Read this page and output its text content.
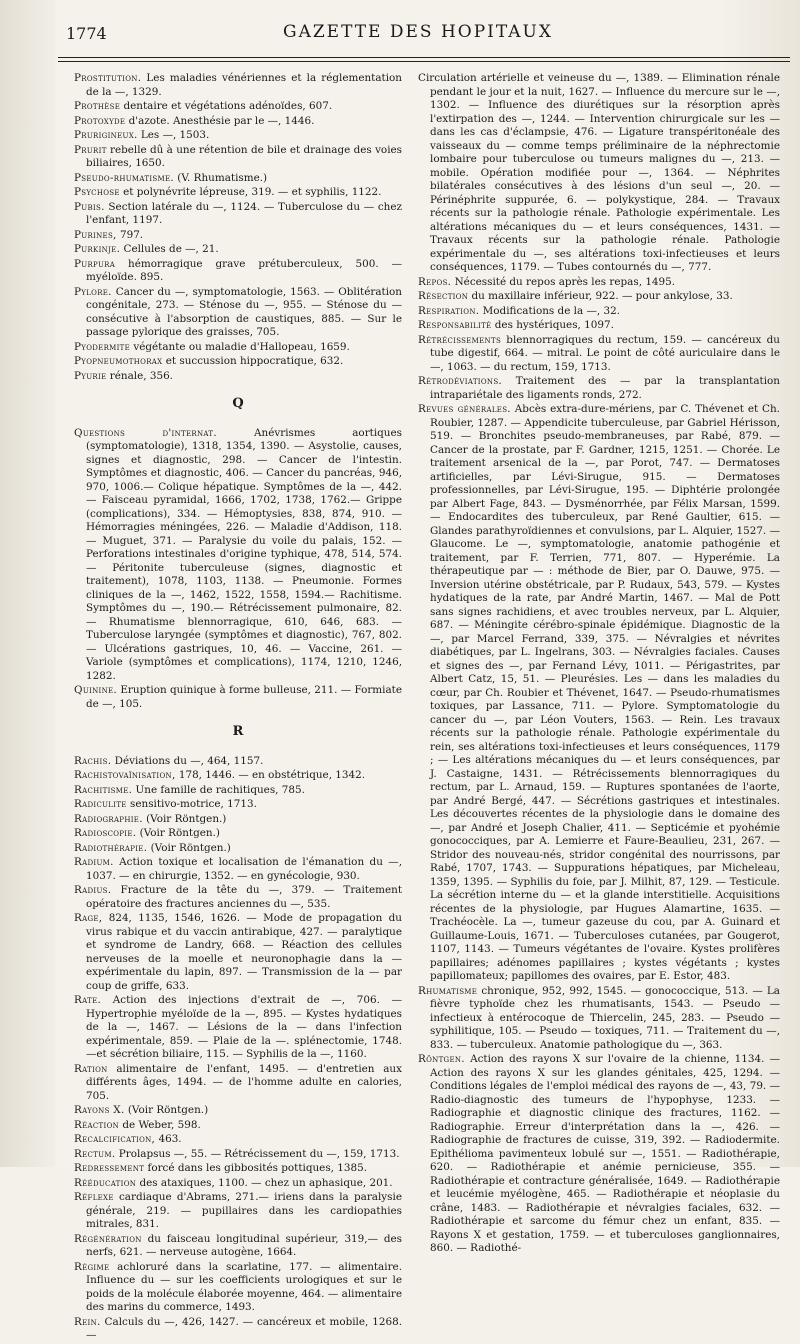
1774	GAZETTE DES HOPITAUX

Prostitution. Les maladies vénériennes et la réglementation de la —, 1329.

Prothèse dentaire et végétations adénoïdes, 607.

Protoxyde d'azote. Anesthésie par le —, 1446.

Prurigineux. Les —, 1503.

Prurit rebelle dû à une rétention de bile et drainage des voies biliaires, 1650.

Pseudo-rhumatisme. (V. Rhumatisme.)

Psychose et polynévrite lépreuse, 319. — et syphilis, 1122.

Pubis. Section latérale du —, 1124. — Tuberculose du — chez l'enfant, 1197.

Purines, 797.

Purkinje. Cellules de —, 21.

Purpura hémorragique grave prétuberculeux, 500. — myéloïde. 895.

Pylore. Cancer du —, symptomatologie, 1563. — Oblitération congénitale, 273. — Sténose du —, 955. — Sténose du — consécutive à l'absorption de caustiques, 885. — Sur le passage pylorique des graisses, 705.

Pyodermite végétante ou maladie d'Hallopeau, 1659.

Pyopneumothorax et succussion hippocratique, 632.

Pyurie rénale, 356.

Q

Questions d'internat. Anévrismes aortiques (symptomatologie), 1318, 1354, 1390. — Asystolie, causes, signes et diagnostic, 298. — Cancer de l'intestin. Symptômes et diagnostic, 406. — Cancer du pancréas, 946, 970, 1006.— Colique hépatique. Symptômes de la —, 442.— Faisceau pyramidal, 1666, 1702, 1738, 1762.— Grippe (complications), 334. — Hémoptysies, 838, 874, 910. — Hémorragies méningées, 226. — Maladie d'Addison, 118. — Muguet, 371. — Paralysie du voile du palais, 152. — Perforations intestinales d'origine typhique, 478, 514, 574. — Péritonite tuberculeuse (signes, diagnostic et traitement), 1078, 1103, 1138. — Pneumonie. Formes cliniques de la —, 1462, 1522, 1558, 1594.— Rachitisme. Symptômes du —, 190.— Rétrécissement pulmonaire, 82. — Rhumatisme blennorragique, 610, 646, 683. — Tuberculose laryngée (symptômes et diagnostic), 767, 802. — Ulcérations gastriques, 10, 46. — Vaccine, 261. — Variole (symptômes et complications), 1174, 1210, 1246, 1282.

Quinine. Eruption quinique à forme bulleuse, 211. — Formiate de —, 105.

R

Rachis. Déviations du —, 464, 1157.

Rachistovaïnisation, 178, 1446. — en obstétrique, 1342.

Rachitisme. Une famille de rachitiques, 785.

Radiculite sensitivo-motrice, 1713.

Radiographie. (Voir Röntgen.)

Radioscopie. (Voir Röntgen.)

Radiothérapie. (Voir Röntgen.)

Radium. Action toxique et localisation de l'émanation du —, 1037. — en chirurgie, 1352. — en gynécologie, 930.

Radius. Fracture de la tête du —, 379. — Traitement opératoire des fractures anciennes du —, 535.

Rage, 824, 1135, 1546, 1626. — Mode de propagation du virus rabique et du vaccin antirabique, 427. — paralytique et syndrome de Landry, 668. — Réaction des cellules nerveuses de la moelle et neuronophagie dans la — expérimentale du lapin, 897. — Transmission de la — par coup de griffe, 633.

Rate. Action des injections d'extrait de —, 706. — Hypertrophie myéloïde de la —, 895. — Kystes hydatiques de la —, 1467. — Lésions de la — dans l'infection expérimentale, 859. — Plaie de la —. splénectomie, 1748. —et sécrétion biliaire, 115. — Syphilis de la —, 1160.

Ration alimentaire de l'enfant, 1495. — d'entretien aux différents âges, 1494. — de l'homme adulte en calories, 705.

Rayons X. (Voir Röntgen.)

Réaction de Weber, 598.

Recalcification, 463.

Rectum. Prolapsus —, 55. — Rétrécissement du —, 159, 1713.

Redressement forcé dans les gibbosités pottiques, 1385.

Rééducation des ataxiques, 1100. — chez un aphasique, 201.

Réflexe cardiaque d'Abrams, 271.— iriens dans la paralysie générale, 219. — pupillaires dans les cardiopathies mitrales, 831.

Régénération du faisceau longitudinal supérieur, 319,— des nerfs, 621. — nerveuse autogène, 1664.

Régime achloruré dans la scarlatine, 177. — alimentaire. Influence du — sur les coefficients urologiques et sur le poids de la molécule élaborée moyenne, 464. — alimentaire des marins du commerce, 1493.

Rein. Calculs du —, 426, 1427. — cancéreux et mobile, 1268. —

Circulation artérielle et veineuse du —, 1389. — Elimination rénale pendant le jour et la nuit, 1627. — Influence du mercure sur le —, 1302. — Influence des diurétiques sur la résorption après l'extirpation des —, 1244. — Intervention chirurgicale sur les — dans les cas d'éclampsie, 476. — Ligature transpéritonéale des vaisseaux du — comme temps préliminaire de la néphrectomie lombaire pour tuberculose ou tumeurs malignes du —, 213. — mobile. Opération modifiée pour —, 1364. — Néphrites bilatérales consécutives à des lésions d'un seul —, 20. — Périnéphrite suppurée, 6. — polykystique, 284. — Travaux récents sur la pathologie rénale. Pathologie expérimentale. Les altérations mécaniques du — et leurs conséquences, 1431. — Travaux récents sur la pathologie rénale. Pathologie expérimentale du —, ses altérations toxi-infectieuses et leurs conséquences, 1179. — Tubes contournés du —, 777.

Repos. Nécessité du repos après les repas, 1495.

Résection du maxillaire inférieur, 922. — pour ankylose, 33.

Respiration. Modifications de la —, 32.

Responsabilité des hystériques, 1097.

Rétrécissements blennorragiques du rectum, 159. — cancéreux du tube digestif, 664. — mitral. Le point de côté auriculaire dans le —, 1063. — du rectum, 159, 1713.

Rétrodéviations. Traitement des — par la transplantation intrapariétale des ligaments ronds, 272.

Revues générales. Abcès extra-dure-mériens, par C. Thévenet et Ch. Roubier, 1287. — Appendicite tuberculeuse, par Gabriel Hérisson, 519. — Bronchites pseudo-membraneuses, par Rabé, 879. — Cancer de la prostate, par F. Gardner, 1215, 1251. — Chorée. Le traitement arsenical de la —, par Porot, 747. — Dermatoses artificielles, par Lévi-Sirugue, 915. — Dermatoses professionnelles, par Lévi-Sirugue, 195. — Diphtérie prolongée par Albert Fage, 843. — Dysménorrhée, par Félix Marsan, 1599. — Endocardites des tuberculeux, par René Gaultier, 615. — Glandes parathyroïdiennes et convulsions, par L. Alquier, 1527. — Glaucome. Le —, symptomatologie, anatomie pathogénie et traitement, par F. Terrien, 771, 807. — Hyperémie. La thérapeutique par — : méthode de Bier, par O. Dauwe, 975. — Inversion utérine obstétricale, par P. Rudaux, 543, 579. — Kystes hydatiques de la rate, par André Martin, 1467. — Mal de Pott sans signes rachidiens, et avec troubles nerveux, par L. Alquier, 687. — Méningite cérébro-spinale épidémique. Diagnostic de la —, par Marcel Ferrand, 339, 375. — Névralgies et névrites diabétiques, par L. Ingelrans, 303. — Névralgies faciales. Causes et signes des —, par Fernand Lévy, 1011. — Périgastrites, par Albert Catz, 15, 51. — Pleurésies. Les — dans les maladies du cœur, par Ch. Roubier et Thévenet, 1647. — Pseudo-rhumatismes toxiques, par Lassance, 711. — Pylore. Symptomatologie du cancer du —, par Léon Vouters, 1563. — Rein. Les travaux récents sur la pathologie rénale. Pathologie expérimentale du rein, ses altérations toxi-infectieuses et leurs conséquences, 1179 ; — Les altérations mécaniques du — et leurs conséquences, par J. Castaigne, 1431. — Rétrécissements blennorragiques du rectum, par L. Arnaud, 159. — Ruptures spontanées de l'aorte, par André Bergé, 447. — Sécrétions gastriques et intestinales. Les découvertes récentes de la physiologie dans le domaine des —, par André et Joseph Chalier, 411. — Septicémie et pyohémie gonococciques, par A. Lemierre et Faure-Beaulieu, 231, 267. — Stridor des nouveau-nés, stridor congénital des nourrissons, par Rabé, 1707, 1743. — Suppurations hépatiques, par Micheleau, 1359, 1395. — Syphilis du foie, par J. Milhit, 87, 129. — Testicule. La sécrétion interne du — et la glande interstitielle. Acquisitions récentes de la physiologie, par Hugues Alamartine, 1635. — Trachéocèle. La —, tumeur gazeuse du cou, par A. Guinard et Guillaume-Louis, 1671. — Tuberculoses cutanées, par Gougerot, 1107, 1143. — Tumeurs végétantes de l'ovaire. Kystes prolifères papillaires; adénomes papillaires ; kystes végétants ; kystes papillomateux; papillomes des ovaires, par E. Estor, 483.

Rhumatisme chronique, 952, 992, 1545. — gonococcique, 513. — La fièvre typhoïde chez les rhumatisants, 1543. — Pseudo — infectieux à entérocoque de Thiercelin, 245, 283. — Pseudo — syphilitique, 105. — Pseudo — toxiques, 711. — Traitement du —, 833. — tuberculeux. Anatomie pathologique du —, 363.

Röntgen. Action des rayons X sur l'ovaire de la chienne, 1134. — Action des rayons X sur les glandes génitales, 425, 1294. — Conditions légales de l'emploi médical des rayons de —, 43, 79. — Radio-diagnostic des tumeurs de l'hypophyse, 1233. — Radiographie et diagnostic clinique des fractures, 1162. — Radiographie. Erreur d'interprétation dans la —, 426. — Radiographie de fractures de cuisse, 319, 392. — Radiodermite. Epithélioma pavimenteux lobulé sur —, 1551. — Radiothérapie, 620. — Radiothérapie et anémie pernicieuse, 355. — Radiothérapie et contracture généralisée, 1649. — Radiothérapie et leucémie myélogène, 465. — Radiothérapie et néoplasie du crâne, 1483. — Radiothérapie et névralgies faciales, 632. — Radiothérapie et sarcome du fémur chez un enfant, 835. — Rayons X et gestation, 1759. — et tuberculoses ganglionnaires, 860. — Radiothé-
